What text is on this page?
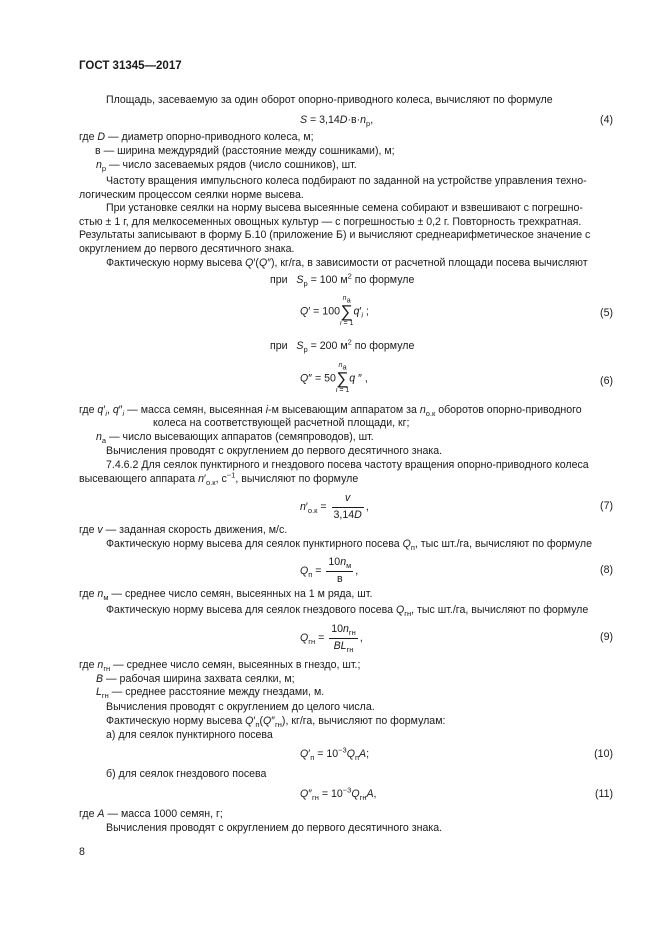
ГОСТ 31345—2017
Площадь, засеваемую за один оборот опорно-приводного колеса, вычисляют по формуле
$S = 3,14D\cdot в\cdot n_р$,	(4)
где D — диаметр опорно-приводного колеса, м;
в — ширина междурядий (расстояние между сошниками), м;
$n_р$ — число засеваемых рядов (число сошников), шт.
Частоту вращения импульсного колеса подбирают по заданной на устройстве управления техно-
логическим процессом сеялки норме высева.
При установке сеялки на норму высева высеянные семена собирают и взвешивают с погрешно-
стью ± 1 г, для мелкосеменных овощных культур — с погрешностью ± 0,2 г. Повторность трехкратная.
Результаты записывают в форму Б.10 (приложение Б) и вычисляют среднеарифметическое значение с
округлением до первого десятичного знака.
Фактическую норму высева Q′(Q″), кг/га, в зависимости от расчетной площади посева вычисляют
при   $S_р = 100$ $м^2$ по формуле
$Q' = 100n_а$
∑
$i = 1q'_i$ ;	(5)
при   $S_р = 200$ $м^2$ по формуле
$Q'' = 50n_а$
∑
i = 1q ″ ,	(6)
где $q'_i$, $q''_i$ — масса семян, высеянная i-м высевающим аппаратом за $n_{о.к}$ оборотов опорно-приводного
колеса на соответствующей расчетной площади, кг;
$n_а$ — число высевающих аппаратов (семяпроводов), шт.
Вычисления проводят с округлением до первого десятичного знака.
7.4.6.2 Для сеялок пунктирного и гнездового посева частоту вращения опорно-приводного колеса
высевающего аппарата $n'_{о.к}$, $с^{-1}$, вычисляют по формуле
$n'_{о.к} = \frac{v}{3,14D}$ ,	(7)
где v — заданная скорость движения, м/с.
Фактическую норму высева для сеялок пунктирного посева $Q_п$, тыс шт./га, вычисляют по формуле
$Q_п = \frac{10n_м}{в}$ ,	(8)
где $n_м$ — среднее число семян, высеянных на 1 м ряда, шт.
Фактическую норму высева для сеялок гнездового посева $Q_{гн}$, тыс шт./га, вычисляют по формуле
$Q_{гн} = \frac{10n_{гн}}{BL_{гн}}$ ,	(9)
где $n_{гн}$ — среднее число семян, высеянных в гнездо, шт.;
B — рабочая ширина захвата сеялки, м;
$L_{гн}$ — среднее расстояние между гнездами, м.
Вычисления проводят с округлением до целого числа.
Фактическую норму высева $Q'_п(Q''_{гн})$, кг/га, вычисляют по формулам:
а) для сеялок пунктирного посева
$Q'_п = 10^{-3}Q_пA$;	(10)
б) для сеялок гнездового посева
$Q''_{гн} = 10^{-3}Q_{гн}A$,	(11)
где A — масса 1000 семян, г;
Вычисления проводят с округлением до первого десятичного знака.
8
